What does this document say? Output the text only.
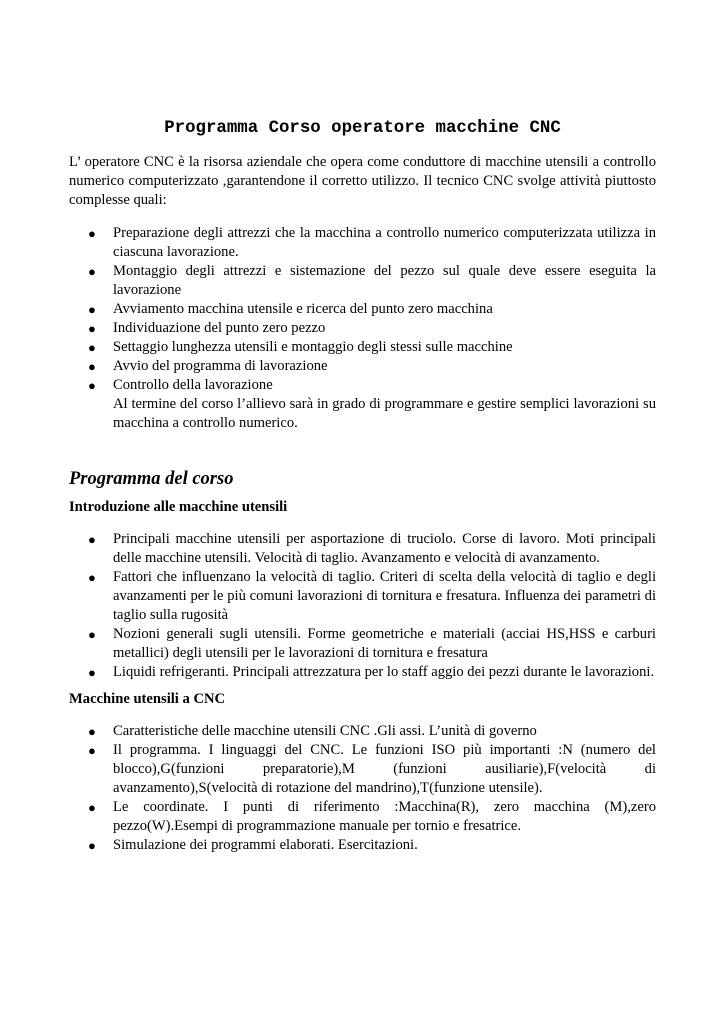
Programma Corso operatore macchine CNC

L’ operatore CNC è la risorsa aziendale che opera come conduttore di macchine utensili a controllo numerico computerizzato ,garantendone il corretto utilizzo. Il tecnico CNC svolge attività piuttosto complesse quali:

● Preparazione degli attrezzi che la macchina a controllo numerico computerizzata utilizza in ciascuna lavorazione.
● Montaggio degli attrezzi e sistemazione del pezzo sul quale deve essere eseguita la lavorazione
● Avviamento macchina utensile e ricerca del punto zero macchina
● Individuazione del punto zero pezzo
● Settaggio lunghezza utensili e montaggio degli stessi sulle macchine
● Avvio del programma di lavorazione
● Controllo della lavorazione
Al termine del corso l’allievo sarà in grado di programmare e gestire semplici lavorazioni su macchina a controllo numerico.
Programma del corso
Introduzione alle macchine utensili
● Principali macchine utensili per asportazione di truciolo. Corse di lavoro. Moti principali delle macchine utensili. Velocità di taglio. Avanzamento e velocità di avanzamento.
● Fattori che influenzano la velocità di taglio. Criteri di scelta della velocità di taglio e degli avanzamenti per le più comuni lavorazioni di tornitura e fresatura. Influenza dei parametri di taglio sulla rugosità
● Nozioni generali sugli utensili. Forme geometriche e materiali (acciai HS,HSS e carburi metallici) degli utensili per le lavorazioni di tornitura e fresatura
● Liquidi refrigeranti. Principali attrezzatura per lo staff aggio dei pezzi durante le lavorazioni.
Macchine utensili a CNC
● Caratteristiche delle macchine utensili CNC .Gli assi. L’unità di governo
● Il programma. I linguaggi del CNC. Le funzioni ISO più importanti :N (numero del blocco),G(funzioni preparatorie),M (funzioni ausiliarie),F(velocità di avanzamento),S(velocità di rotazione del mandrino),T(funzione utensile).
● Le coordinate. I punti di riferimento :Macchina(R), zero macchina (M),zero pezzo(W).Esempi di programmazione manuale per tornio e fresatrice.
● Simulazione dei programmi elaborati. Esercitazioni.
